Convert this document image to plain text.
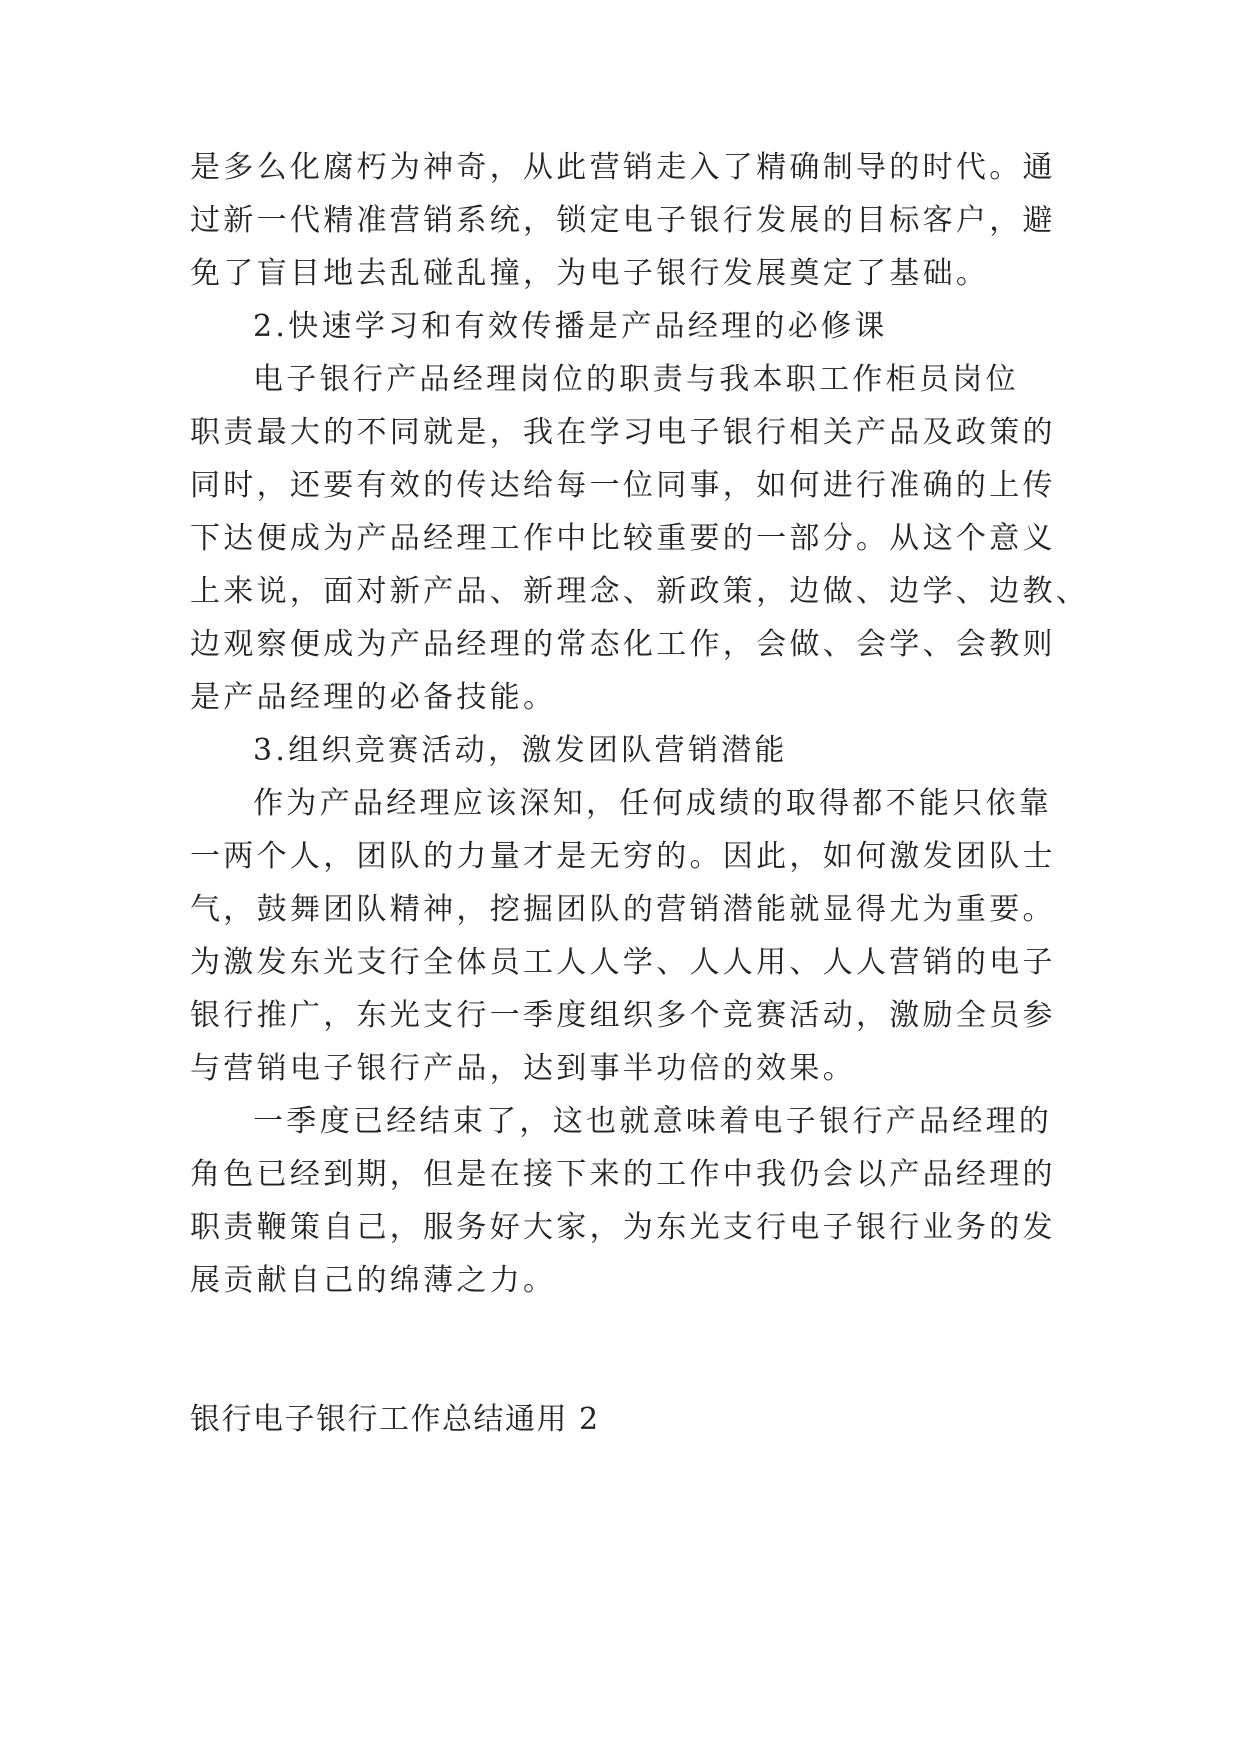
是多么化腐朽为神奇，从此营销走入了精确制导的时代。通
过新一代精准营销系统，锁定电子银行发展的目标客户，避
免了盲目地去乱碰乱撞，为电子银行发展奠定了基础。
2.快速学习和有效传播是产品经理的必修课
电子银行产品经理岗位的职责与我本职工作柜员岗位
职责最大的不同就是，我在学习电子银行相关产品及政策的
同时，还要有效的传达给每一位同事，如何进行准确的上传
下达便成为产品经理工作中比较重要的一部分。从这个意义
上来说，面对新产品、新理念、新政策，边做、边学、边教、
边观察便成为产品经理的常态化工作，会做、会学、会教则
是产品经理的必备技能。
3.组织竞赛活动，激发团队营销潜能
作为产品经理应该深知，任何成绩的取得都不能只依靠
一两个人，团队的力量才是无穷的。因此，如何激发团队士
气，鼓舞团队精神，挖掘团队的营销潜能就显得尤为重要。
为激发东光支行全体员工人人学、人人用、人人营销的电子
银行推广，东光支行一季度组织多个竞赛活动，激励全员参
与营销电子银行产品，达到事半功倍的效果。
一季度已经结束了，这也就意味着电子银行产品经理的
角色已经到期，但是在接下来的工作中我仍会以产品经理的
职责鞭策自己，服务好大家，为东光支行电子银行业务的发
展贡献自己的绵薄之力。
银行电子银行工作总结通用 2
